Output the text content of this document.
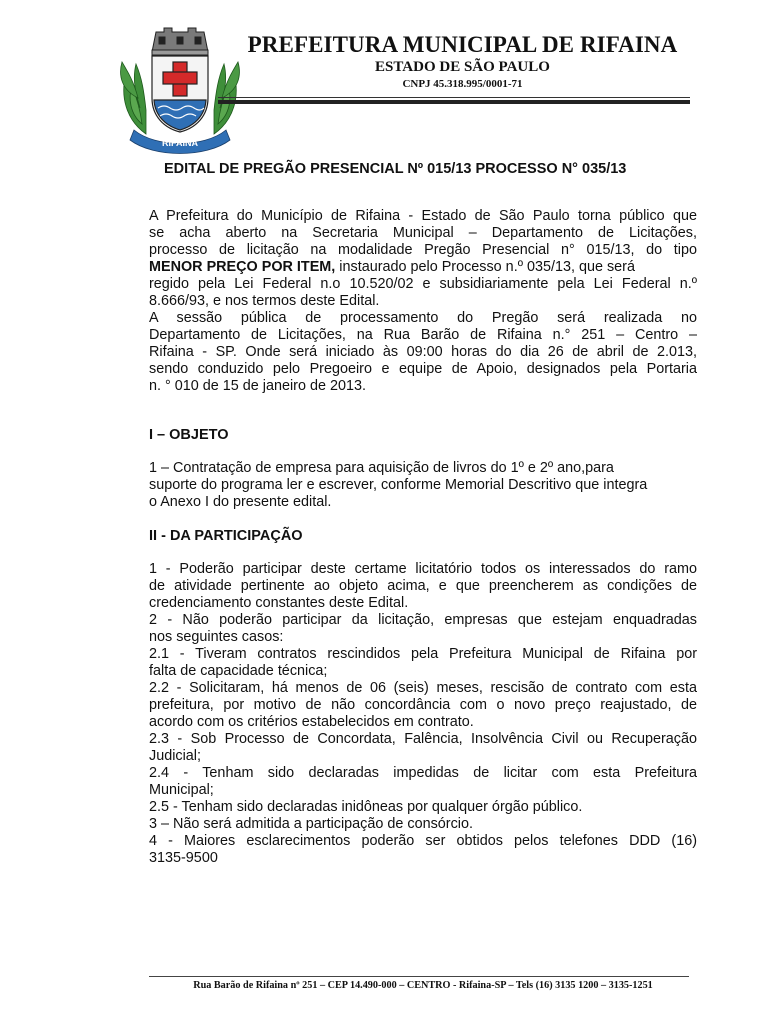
RIFAINA
PREFEITURA MUNICIPAL DE RIFAINA
ESTADO DE SÃO PAULO
CNPJ 45.318.995/0001-71
EDITAL DE PREGÃO PRESENCIAL Nº 015/13 PROCESSO N° 035/13
A Prefeitura do Município de Rifaina - Estado de São Paulo torna público que
se acha aberto na Secretaria Municipal – Departamento de Licitações,
processo de licitação na modalidade Pregão Presencial n° 015/13, do tipo
MENOR PREÇO POR ITEM, instaurado pelo Processo n.º 035/13, que será
regido pela Lei Federal n.o 10.520/02 e subsidiariamente pela Lei Federal n.º
8.666/93, e nos termos deste Edital.
A sessão pública de processamento do Pregão será realizada no
Departamento de Licitações, na Rua Barão de Rifaina n.° 251 – Centro –
Rifaina - SP. Onde será iniciado às 09:00 horas do dia 26 de abril de 2.013,
sendo conduzido pelo Pregoeiro e equipe de Apoio, designados pela Portaria
n. ° 010 de 15 de janeiro de 2013.
I – OBJETO
1 – Contratação de empresa para aquisição de livros do 1º e 2º ano,para
suporte do programa ler e escrever, conforme Memorial Descritivo que integra
o Anexo I do presente edital.
II - DA PARTICIPAÇÃO
1 - Poderão participar deste certame licitatório todos os interessados do ramo
de atividade pertinente ao objeto acima, e que preencherem as condições de
credenciamento constantes deste Edital.
2 - Não poderão participar da licitação, empresas que estejam enquadradas
nos seguintes casos:
2.1 - Tiveram contratos rescindidos pela Prefeitura Municipal de Rifaina por
falta de capacidade técnica;
2.2 - Solicitaram, há menos de 06 (seis) meses, rescisão de contrato com esta
prefeitura, por motivo de não concordância com o novo preço reajustado, de
acordo com os critérios estabelecidos em contrato.
2.3 - Sob Processo de Concordata, Falência, Insolvência Civil ou Recuperação
Judicial;
2.4 - Tenham sido declaradas impedidas de licitar com esta Prefeitura
Municipal;
2.5 - Tenham sido declaradas inidôneas por qualquer órgão público.
3 – Não será admitida a participação de consórcio.
4 - Maiores esclarecimentos poderão ser obtidos pelos telefones DDD (16)
3135-9500
Rua Barão de Rifaina nº 251 – CEP 14.490-000 – CENTRO - Rifaina-SP – Tels (16) 3135 1200 – 3135-1251
